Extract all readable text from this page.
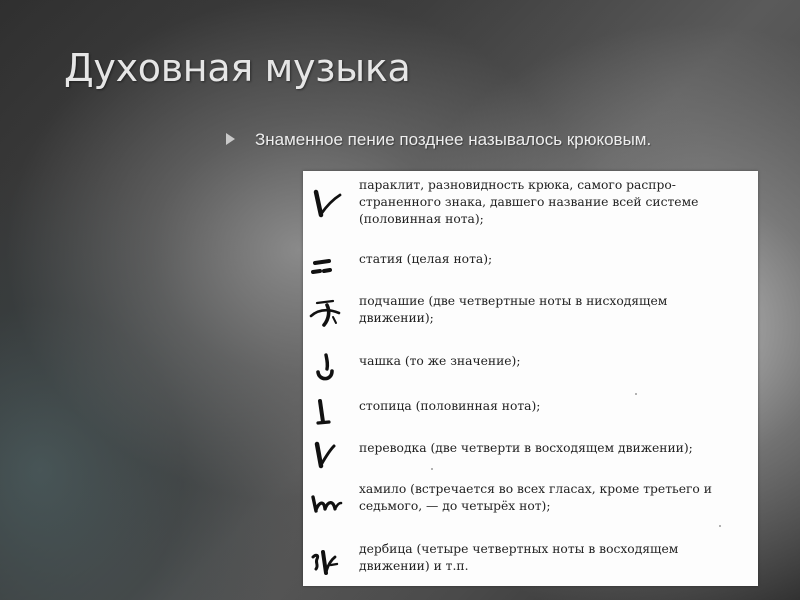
Духовная музыка
Знаменное пение позднее называлось крюковым.

параклит, разновидность крюка, самого распро-
страненного знака, давшего название всей системе
(половинная нота);

статия (целая нота);

подчашие (две четвертные ноты в нисходящем
движении);

чашка (то же значение);

стопица (половинная нота);

переводка (две четверти в восходящем движении);

хамило (встречается во всех гласах, кроме третьего и
седьмого, — до четырёх нот);

дербица (четыре четвертных ноты в восходящем
движении) и т.п.
